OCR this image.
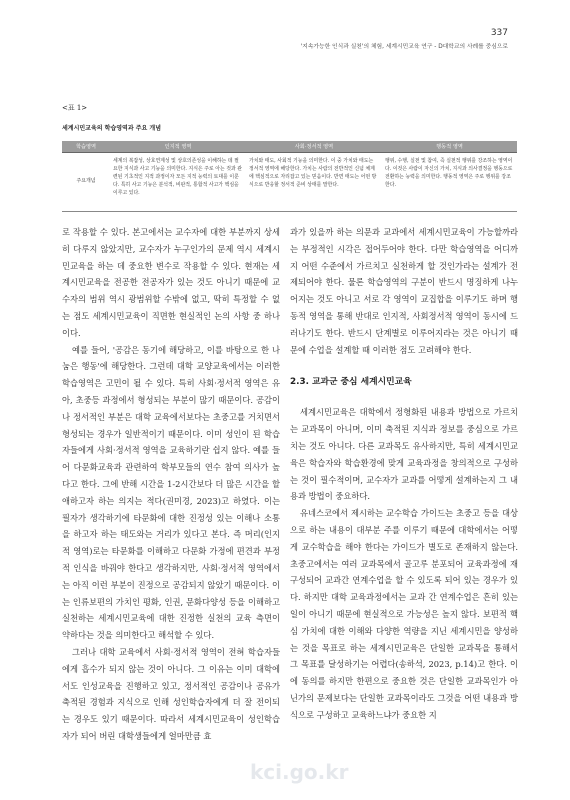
337
'지속가능한 인식과 실천'의 체험, 세계시민교육 연구 - D대학교의 사례를 중심으로
<표 1>
세계시민교육의 학습영역과 주요 개념
학습영역	인지적 영역	사회·정서적 영역	행동적 영역
주요개념	세계의 복잡성, 상호연계성 및 상호의존성을 이해하는 데 필요한 지식과 사고 기능을 의미한다. 지식은 주로 아는 것과 관련된 기초적인 지적 과정이자 모든 지적 능력의 토대를 이룬다. 특히 사고 기능은 분석적, 비판적, 통합적 사고가 핵심을 이루고 있다.	가치와 태도, 사회적 기능을 의미한다. 이 중 가치와 태도는 정서적 영역에 해당한다. 가치는 사람의 전반적인 신념 체계에 핵심적으로 자리잡고 있는 믿음이다. 반면 태도는 어떤 방식으로 반응할 정서적 준비 상태를 말한다.	행위, 수행, 실천 및 참여, 즉 실천적 행위를 강조하는 영역이다. 이것은 사람이 자신의 가치, 지식과 의사결정을 행동으로 전환하는 능력을 의미한다. 행동적 영역은 주로 행위를 강조한다.

로 작용할 수 있다. 본고에서는 교수자에 대한 부분까지 상세히 다루지 않았지만, 교수자가 누구인가의 문제 역시 세계시민교육을 하는 데 중요한 변수로 작용할 수 있다. 현재는 세계시민교육을 전공한 전공자가 있는 것도 아니기 때문에 교수자의 범위 역시 광범위할 수밖에 없고, 딱히 특정할 수 없는 점도 세계시민교육이 직면한 현실적인 논의 사항 중 하나이다.

예를 들어, '공감은 동기에 해당하고, 이를 바탕으로 한 나눔은 행동'에 해당한다. 그런데 대학 교양교육에서는 이러한 학습영역은 고민이 될 수 있다. 특히 사회·정서적 영역은 유아, 초중등 과정에서 형성되는 부분이 많기 때문이다. 공감이나 정서적인 부분은 대학 교육에서보다는 초중고를 거치면서 형성되는 경우가 일반적이기 때문이다. 이미 성인이 된 학습자들에게 사회·정서적 영역을 교육하기란 쉽지 않다. 예를 들어 다문화교육과 관련하여 학부모들의 연수 참여 의사가 높다고 한다. 그에 반해 시간을 1-2시간보다 더 많은 시간을 할애하고자 하는 의지는 적다(권미경, 2023)고 하였다. 이는 필자가 생각하기에 타문화에 대한 진정성 있는 이해나 소통을 하고자 하는 태도와는 거리가 있다고 본다. 즉 머리(인지적 영역)로는 타문화를 이해하고 다문화 가정에 편견과 부정적 인식을 바꿔야 한다고 생각하지만, 사회·정서적 영역에서는 아직 이런 부분이 진정으로 공감되지 않았기 때문이다. 이는 인류보편의 가치인 평화, 인권, 문화다양성 등을 이해하고 실천하는 세계시민교육에 대한 진정한 실천의 교육 측면이 약하다는 것을 의미한다고 해석할 수 있다.

그러나 대학 교육에서 사회·정서적 영역이 전혀 학습자들에게 흡수가 되지 않는 것이 아니다. 그 이유는 이미 대학에서도 인성교육을 진행하고 있고, 정서적인 공감이나 공유가 축적된 경험과 지식으로 인해 성인학습자에게 더 잘 전이되는 경우도 있기 때문이다. 따라서 세계시민교육이 성인학습자가 되어 버린 대학생들에게 얼마만큼 효

과가 있을까 하는 의문과 교과에서 세계시민교육이 가능할까라는 부정적인 시각은 접어두어야 한다. 다만 학습영역을 어디까지 어떤 수준에서 가르치고 실천하게 할 것인가라는 설계가 전제되어야 한다. 물론 학습영역의 구분이 반드시 명징하게 나누어지는 것도 아니고 서로 각 영역이 교집합을 이루기도 하며 행동적 영역을 통해 반대로 인지적, 사회정서적 영역이 동시에 드러나기도 한다. 반드시 단계별로 이루어지라는 것은 아니기 때문에 수업을 설계할 때 이러한 점도 고려해야 한다.

2.3. 교과군 중심 세계시민교육

세계시민교육은 대학에서 정형화된 내용과 방법으로 가르치는 교과목이 아니며, 이미 축적된 지식과 정보를 중심으로 가르치는 것도 아니다. 다른 교과목도 유사하지만, 특히 세계시민교육은 학습자와 학습환경에 맞게 교육과정을 창의적으로 구성하는 것이 필수적이며, 교수자가 교과를 어떻게 설계하는지 그 내용과 방법이 중요하다.

유네스코에서 제시하는 교수학습 가이드는 초중고 등을 대상으로 하는 내용이 대부분 주를 이루기 때문에 대학에서는 어떻게 교수학습을 해야 한다는 가이드가 별도로 존재하지 않는다. 초중고에서는 여러 교과목에서 골고루 분포되어 교육과정에 재구성되어 교과간 연계수업을 할 수 있도록 되어 있는 경우가 있다. 하지만 대학 교육과정에서는 교과 간 연계수업은 흔히 있는 일이 아니기 때문에 현실적으로 가능성은 높지 않다. 보편적 핵심 가치에 대한 이해와 다양한 역량을 지닌 세계시민을 양성하는 것을 목표로 하는 세계시민교육은 단일한 교과목을 통해서 그 목표를 달성하기는 어렵다(송하석, 2023, p.14)고 한다. 이에 동의를 하지만 한편으로 중요한 것은 단일한 교과목인가 아닌가의 문제보다는 단일한 교과목이라도 그것을 어떤 내용과 방식으로 구성하고 교육하느냐가 중요한 지

kci.go.kr
